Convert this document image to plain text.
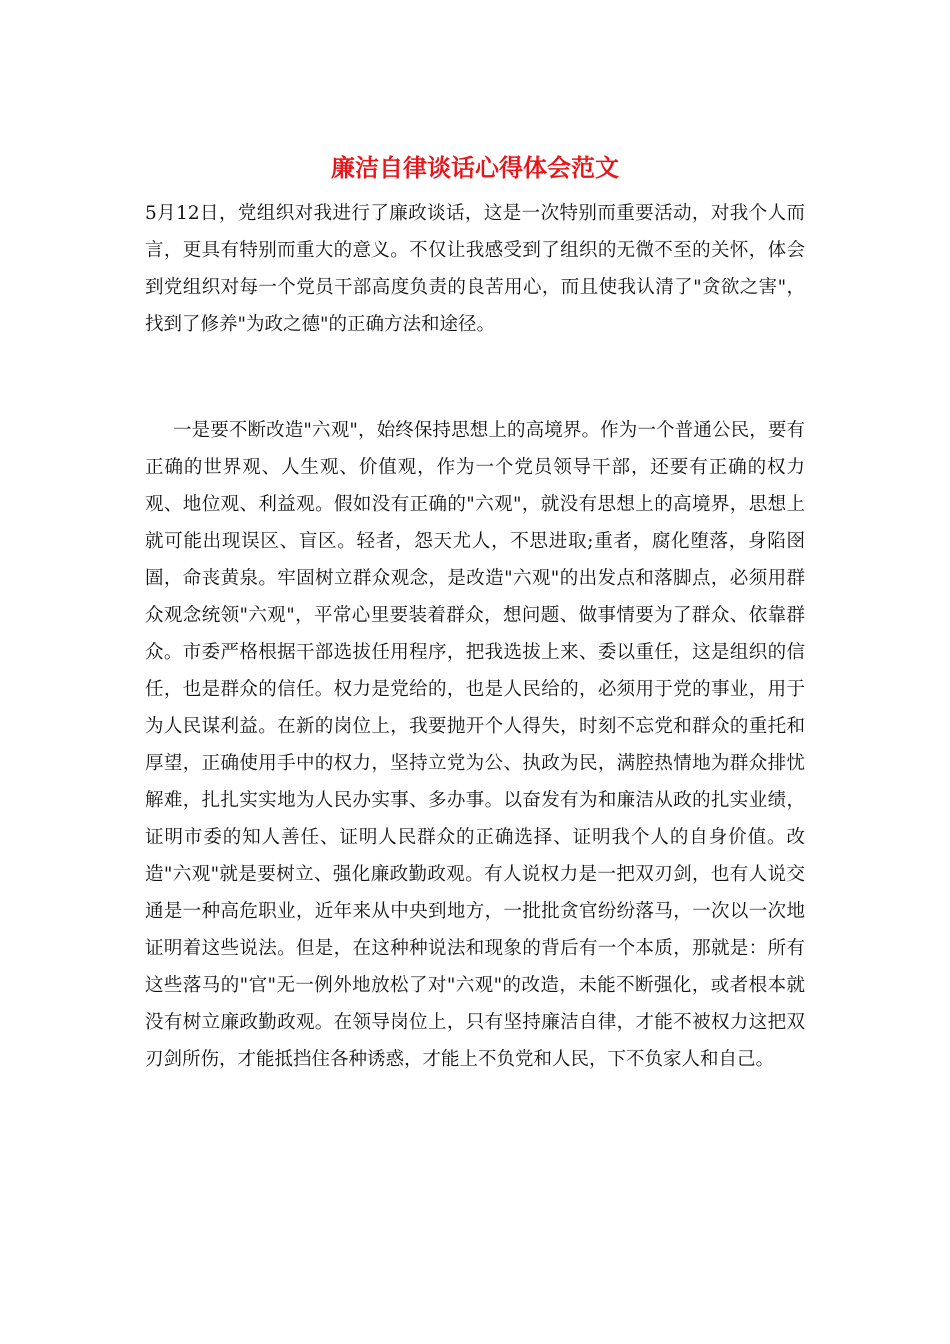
廉洁自律谈话心得体会范文

5月12日，党组织对我进行了廉政谈话，这是一次特别而重要活动，对我个人而言，更具有特别而重大的意义。不仅让我感受到了组织的无微不至的关怀，体会到党组织对每一个党员干部高度负责的良苦用心，而且使我认清了"贪欲之害"，找到了修养"为政之德"的正确方法和途径。

一是要不断改造"六观"，始终保持思想上的高境界。作为一个普通公民，要有正确的世界观、人生观、价值观，作为一个党员领导干部，还要有正确的权力观、地位观、利益观。假如没有正确的"六观"，就没有思想上的高境界，思想上就可能出现误区、盲区。轻者，怨天尤人，不思进取;重者，腐化堕落，身陷囹圄，命丧黄泉。牢固树立群众观念，是改造"六观"的出发点和落脚点，必须用群众观念统领"六观"，平常心里要装着群众，想问题、做事情要为了群众、依靠群众。市委严格根据干部选拔任用程序，把我选拔上来、委以重任，这是组织的信任，也是群众的信任。权力是党给的，也是人民给的，必须用于党的事业，用于为人民谋利益。在新的岗位上，我要抛开个人得失，时刻不忘党和群众的重托和厚望，正确使用手中的权力，坚持立党为公、执政为民，满腔热情地为群众排忧解难，扎扎实实地为人民办实事、多办事。以奋发有为和廉洁从政的扎实业绩，证明市委的知人善任、证明人民群众的正确选择、证明我个人的自身价值。改造"六观"就是要树立、强化廉政勤政观。有人说权力是一把双刃剑，也有人说交通是一种高危职业，近年来从中央到地方，一批批贪官纷纷落马，一次以一次地证明着这些说法。但是，在这种种说法和现象的背后有一个本质，那就是：所有这些落马的"官"无一例外地放松了对"六观"的改造，未能不断强化，或者根本就没有树立廉政勤政观。在领导岗位上，只有坚持廉洁自律，才能不被权力这把双刃剑所伤，才能抵挡住各种诱惑，才能上不负党和人民，下不负家人和自己。
